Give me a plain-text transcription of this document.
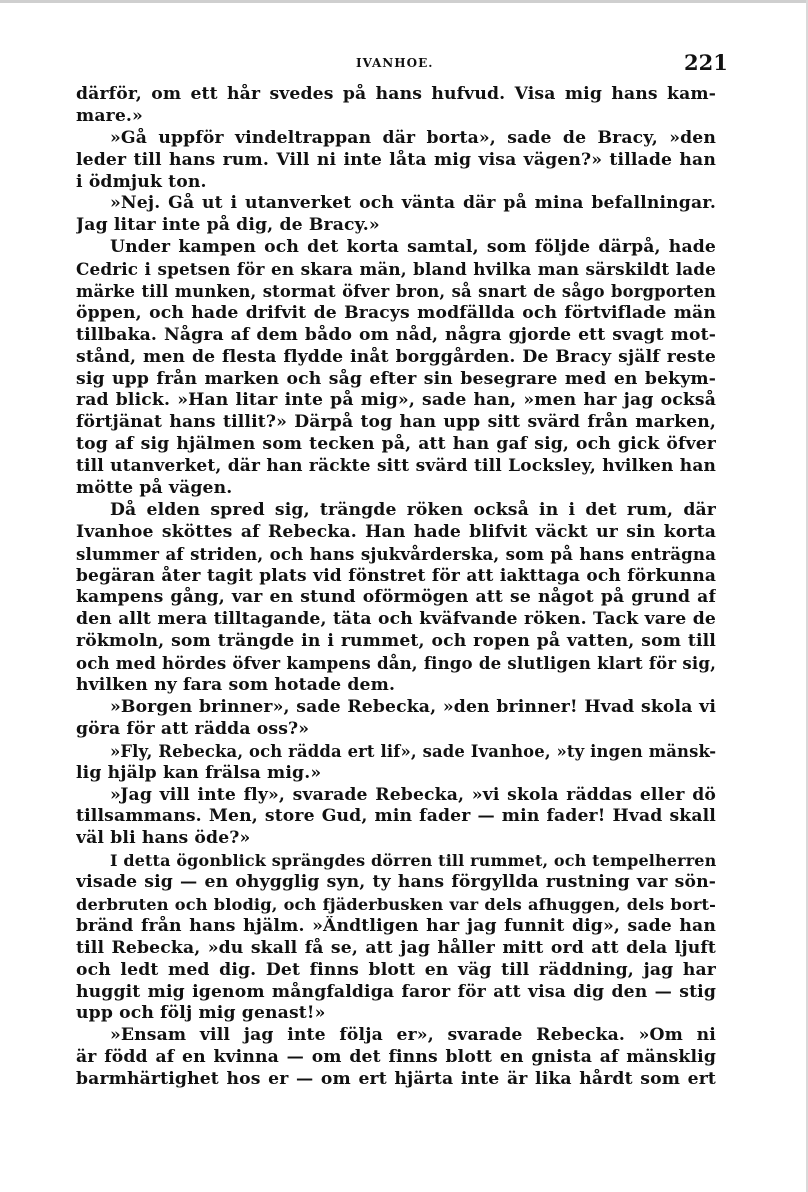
IVANHOE.	221
därför, om ett hår svedes på hans hufvud. Visa mig hans kam-
mare.»
»Gå uppför vindeltrappan där borta», sade de Bracy, »den
leder till hans rum. Vill ni inte låta mig visa vägen?» tillade han
i ödmjuk ton.
»Nej. Gå ut i utanverket och vänta där på mina befallningar.
Jag litar inte på dig, de Bracy.»
Under kampen och det korta samtal, som följde därpå, hade
Cedric i spetsen för en skara män, bland hvilka man särskildt lade
märke till munken, stormat öfver bron, så snart de sågo borgporten
öppen, och hade drifvit de Bracys modfällda och förtviflade män
tillbaka. Några af dem bådo om nåd, några gjorde ett svagt mot-
stånd, men de flesta flydde inåt borggården. De Bracy själf reste
sig upp från marken och såg efter sin besegrare med en bekym-
rad blick. »Han litar inte på mig», sade han, »men har jag också
förtjänat hans tillit?» Därpå tog han upp sitt svärd från marken,
tog af sig hjälmen som tecken på, att han gaf sig, och gick öfver
till utanverket, där han räckte sitt svärd till Locksley, hvilken han
mötte på vägen.
Då elden spred sig, trängde röken också in i det rum, där
Ivanhoe sköttes af Rebecka. Han hade blifvit väckt ur sin korta
slummer af striden, och hans sjukvårderska, som på hans enträgna
begäran åter tagit plats vid fönstret för att iakttaga och förkunna
kampens gång, var en stund oförmögen att se något på grund af
den allt mera tilltagande, täta och kväfvande röken. Tack vare de
rökmoln, som trängde in i rummet, och ropen på vatten, som till
och med hördes öfver kampens dån, fingo de slutligen klart för sig,
hvilken ny fara som hotade dem.
»Borgen brinner», sade Rebecka, »den brinner! Hvad skola vi
göra för att rädda oss?»
»Fly, Rebecka, och rädda ert lif», sade Ivanhoe, »ty ingen mänsk-
lig hjälp kan frälsa mig.»
»Jag vill inte fly», svarade Rebecka, »vi skola räddas eller dö
tillsammans. Men, store Gud, min fader — min fader! Hvad skall
väl bli hans öde?»
I detta ögonblick sprängdes dörren till rummet, och tempelherren
visade sig — en ohygglig syn, ty hans förgyllda rustning var sön-
derbruten och blodig, och fjäderbusken var dels afhuggen, dels bort-
bränd från hans hjälm. »Ändtligen har jag funnit dig», sade han
till Rebecka, »du skall få se, att jag håller mitt ord att dela ljuft
och ledt med dig. Det finns blott en väg till räddning, jag har
huggit mig igenom mångfaldiga faror för att visa dig den — stig
upp och följ mig genast!»
»Ensam vill jag inte följa er», svarade Rebecka. »Om ni
är född af en kvinna — om det finns blott en gnista af mänsklig
barmhärtighet hos er — om ert hjärta inte är lika hårdt som ert
